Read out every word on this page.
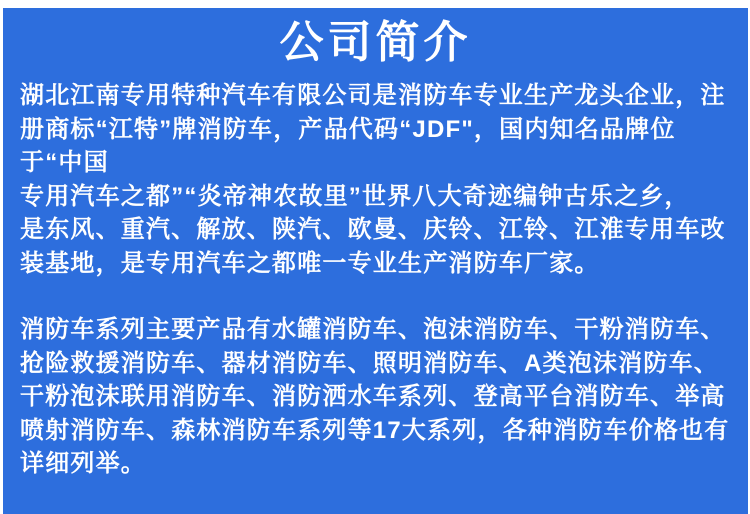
公司简介
湖北江南专用特种汽车有限公司是消防车专业生产龙头企业，注
册商标“江特”牌消防车，产品代码“JDF"，国内知名品牌位
于“中国
专用汽车之都”“炎帝神农故里”世界八大奇迹编钟古乐之乡，
是东风、重汽、解放、陕汽、欧曼、庆铃、江铃、江淮专用车改
装基地，是专用汽车之都唯一专业生产消防车厂家。
消防车系列主要产品有水罐消防车、泡沫消防车、干粉消防车、
抢险救援消防车、器材消防车、照明消防车、A类泡沫消防车、
干粉泡沫联用消防车、消防洒水车系列、登高平台消防车、举高
喷射消防车、森林消防车系列等17大系列，各种消防车价格也有
详细列举。
